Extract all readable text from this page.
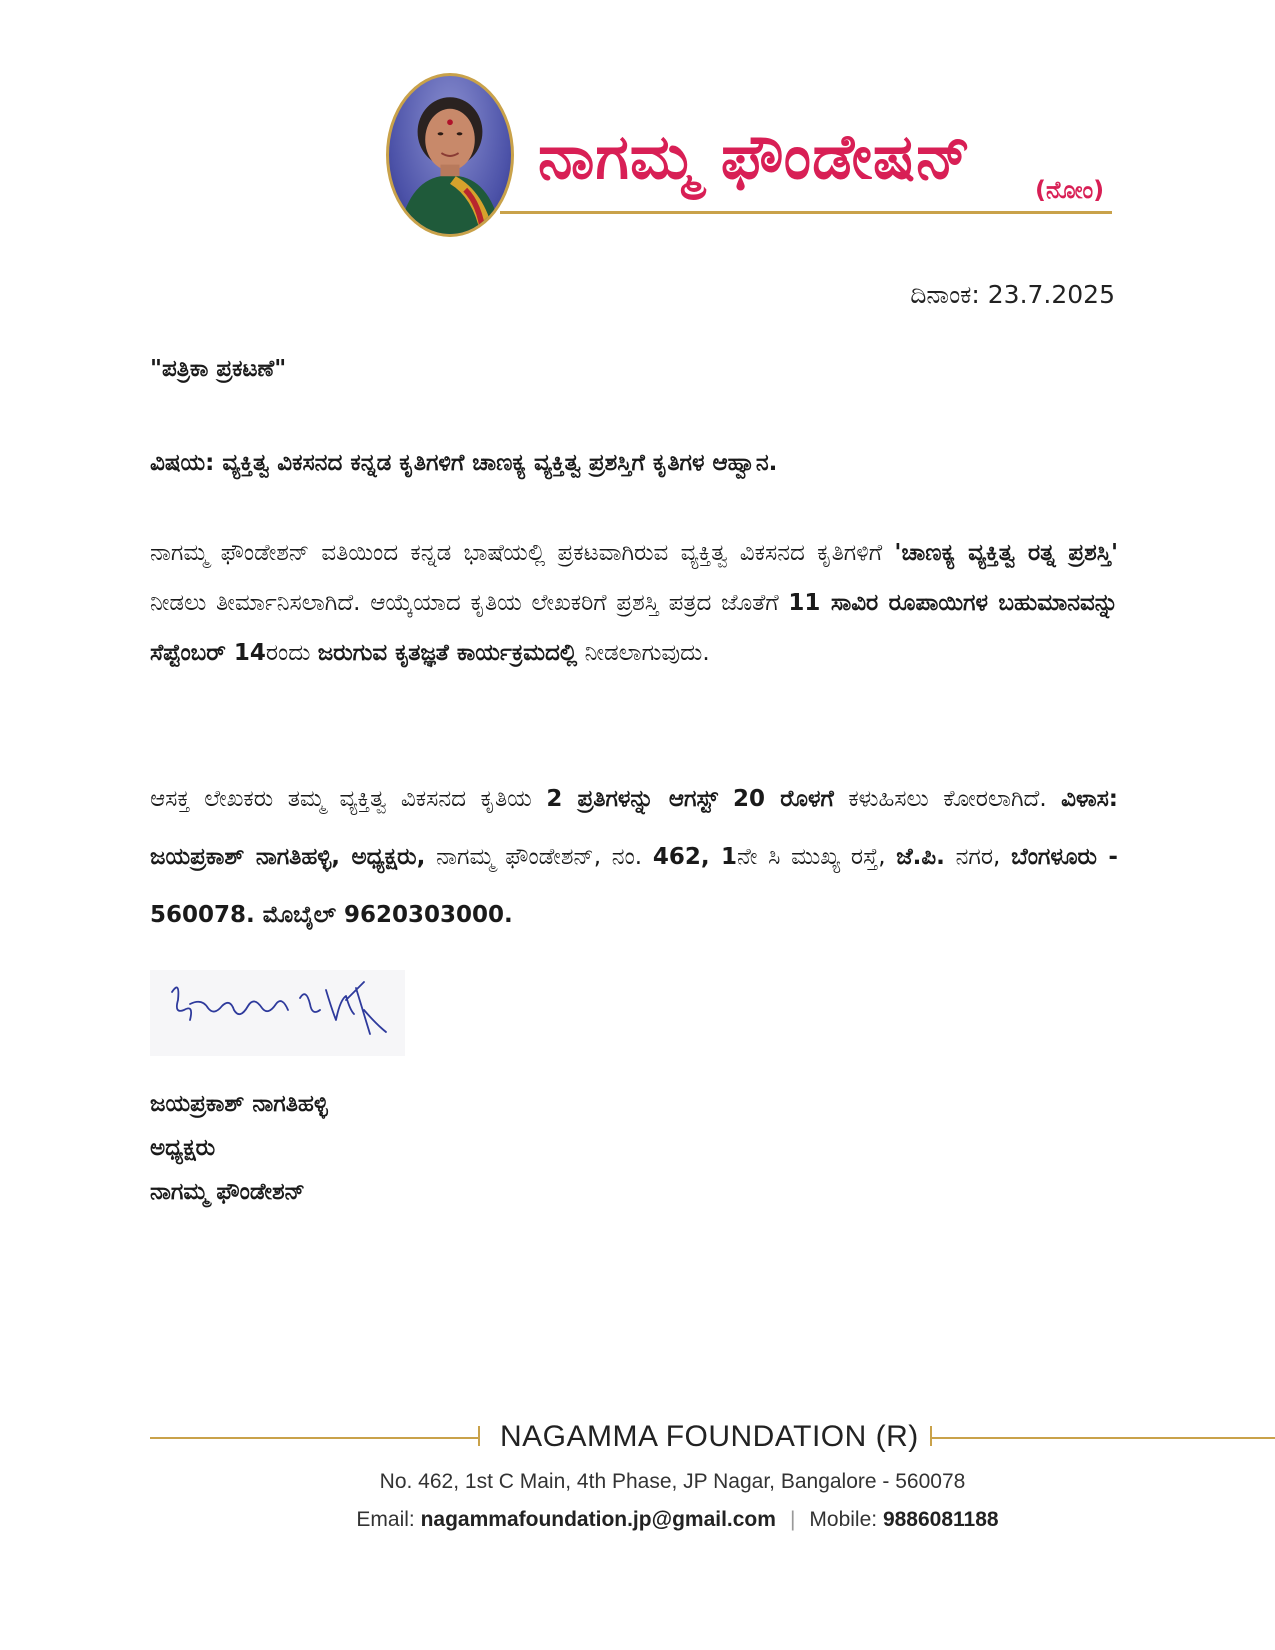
ನಾಗಮ್ಮ ಫೌಂಡೇಷನ್	(ನೋಂ)
ದಿನಾಂಕ: 23.7.2025
"ಪತ್ರಿಕಾ ಪ್ರಕಟಣೆ"
ವಿಷಯ: ವ್ಯಕ್ತಿತ್ವ ವಿಕಸನದ ಕನ್ನಡ ಕೃತಿಗಳಿಗೆ ಚಾಣಕ್ಯ ವ್ಯಕ್ತಿತ್ವ ಪ್ರಶಸ್ತಿಗೆ ಕೃತಿಗಳ ಆಹ್ವಾನ.
ನಾಗಮ್ಮ ಫೌಂಡೇಶನ್ ವತಿಯಿಂದ ಕನ್ನಡ ಭಾಷೆಯಲ್ಲಿ ಪ್ರಕಟವಾಗಿರುವ ವ್ಯಕ್ತಿತ್ವ ವಿಕಸನದ ಕೃತಿಗಳಿಗೆ 'ಚಾಣಕ್ಯ ವ್ಯಕ್ತಿತ್ವ ರತ್ನ ಪ್ರಶಸ್ತಿ' ನೀಡಲು ತೀರ್ಮಾನಿಸಲಾಗಿದೆ. ಆಯ್ಕೆಯಾದ ಕೃತಿಯ ಲೇಖಕರಿಗೆ ಪ್ರಶಸ್ತಿ ಪತ್ರದ ಜೊತೆಗೆ 11 ಸಾವಿರ ರೂಪಾಯಿಗಳ ಬಹುಮಾನವನ್ನು ಸೆಪ್ಟೆಂಬರ್ 14ರಂದು ಜರುಗುವ ಕೃತಜ್ಞತೆ ಕಾರ್ಯಕ್ರಮದಲ್ಲಿ ನೀಡಲಾಗುವುದು.
ಆಸಕ್ತ ಲೇಖಕರು ತಮ್ಮ ವ್ಯಕ್ತಿತ್ವ ವಿಕಸನದ ಕೃತಿಯ 2 ಪ್ರತಿಗಳನ್ನು ಆಗಸ್ಟ್ 20 ರೊಳಗೆ ಕಳುಹಿಸಲು ಕೋರಲಾಗಿದೆ. ವಿಳಾಸ: ಜಯಪ್ರಕಾಶ್ ನಾಗತಿಹಳ್ಳಿ, ಅಧ್ಯಕ್ಷರು, ನಾಗಮ್ಮ ಫೌಂಡೇಶನ್, ನಂ. 462, 1ನೇ ಸಿ ಮುಖ್ಯ ರಸ್ತೆ, ಜೆ.ಪಿ. ನಗರ, ಬೆಂಗಳೂರು - 560078. ಮೊಬೈಲ್ 9620303000.
ಜಯಪ್ರಕಾಶ್ ನಾಗತಿಹಳ್ಳಿ
ಅಧ್ಯಕ್ಷರು
ನಾಗಮ್ಮ ಫೌಂಡೇಶನ್
NAGAMMA FOUNDATION (R)
No. 462, 1st C Main, 4th Phase, JP Nagar, Bangalore - 560078
Email: nagammafoundation.jp@gmail.com | Mobile: 9886081188
